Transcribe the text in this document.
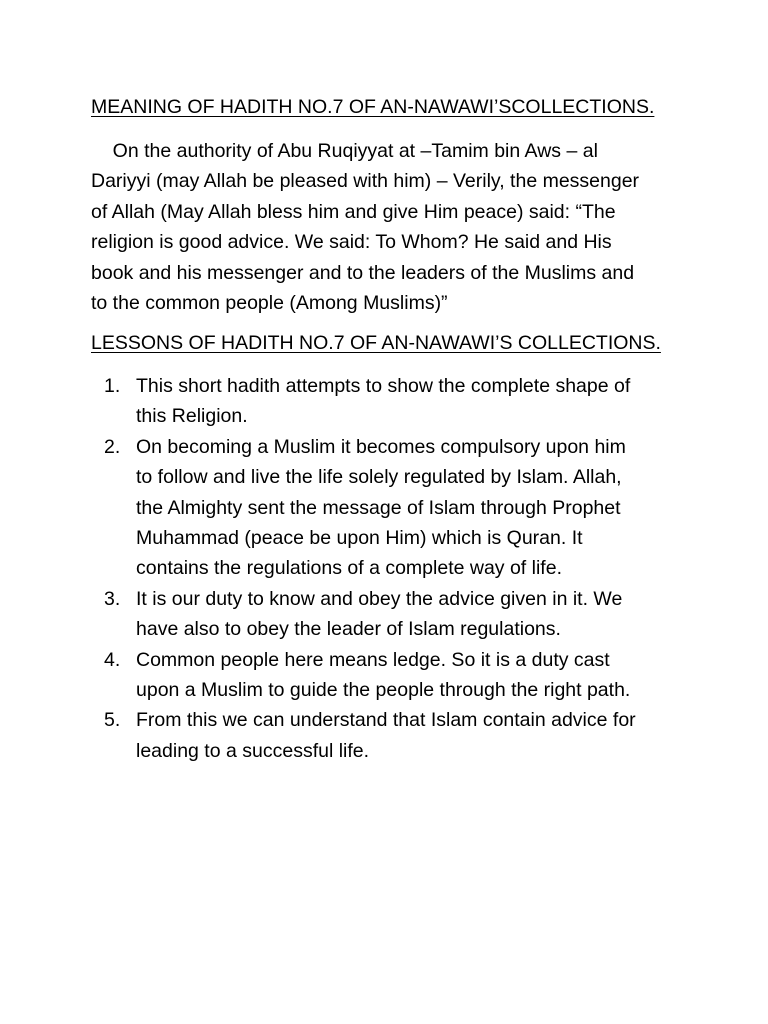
MEANING OF HADITH NO.7 OF AN-NAWAWI’SCOLLECTIONS.
On the authority of Abu Ruqiyyat at –Tamim bin Aws – al
Dariyyi (may Allah be pleased with him) – Verily, the messenger
of Allah (May Allah bless him and give Him peace) said: “The
religion is good advice. We said: To Whom? He said and His
book and his messenger and to the leaders of the Muslims and
to the common people (Among Muslims)”
LESSONS OF HADITH NO.7 OF AN-NAWAWI’S COLLECTIONS.
1. This short hadith attempts to show the complete shape of
this Religion.
2. On becoming a Muslim it becomes compulsory upon him
to follow and live the life solely regulated by Islam. Allah,
the Almighty sent the message of Islam through Prophet
Muhammad (peace be upon Him) which is Quran. It
contains the regulations of a complete way of life.
3. It is our duty to know and obey the advice given in it. We
have also to obey the leader of Islam regulations.
4. Common people here means ledge. So it is a duty cast
upon a Muslim to guide the people through the right path.
5. From this we can understand that Islam contain advice for
leading to a successful life.
